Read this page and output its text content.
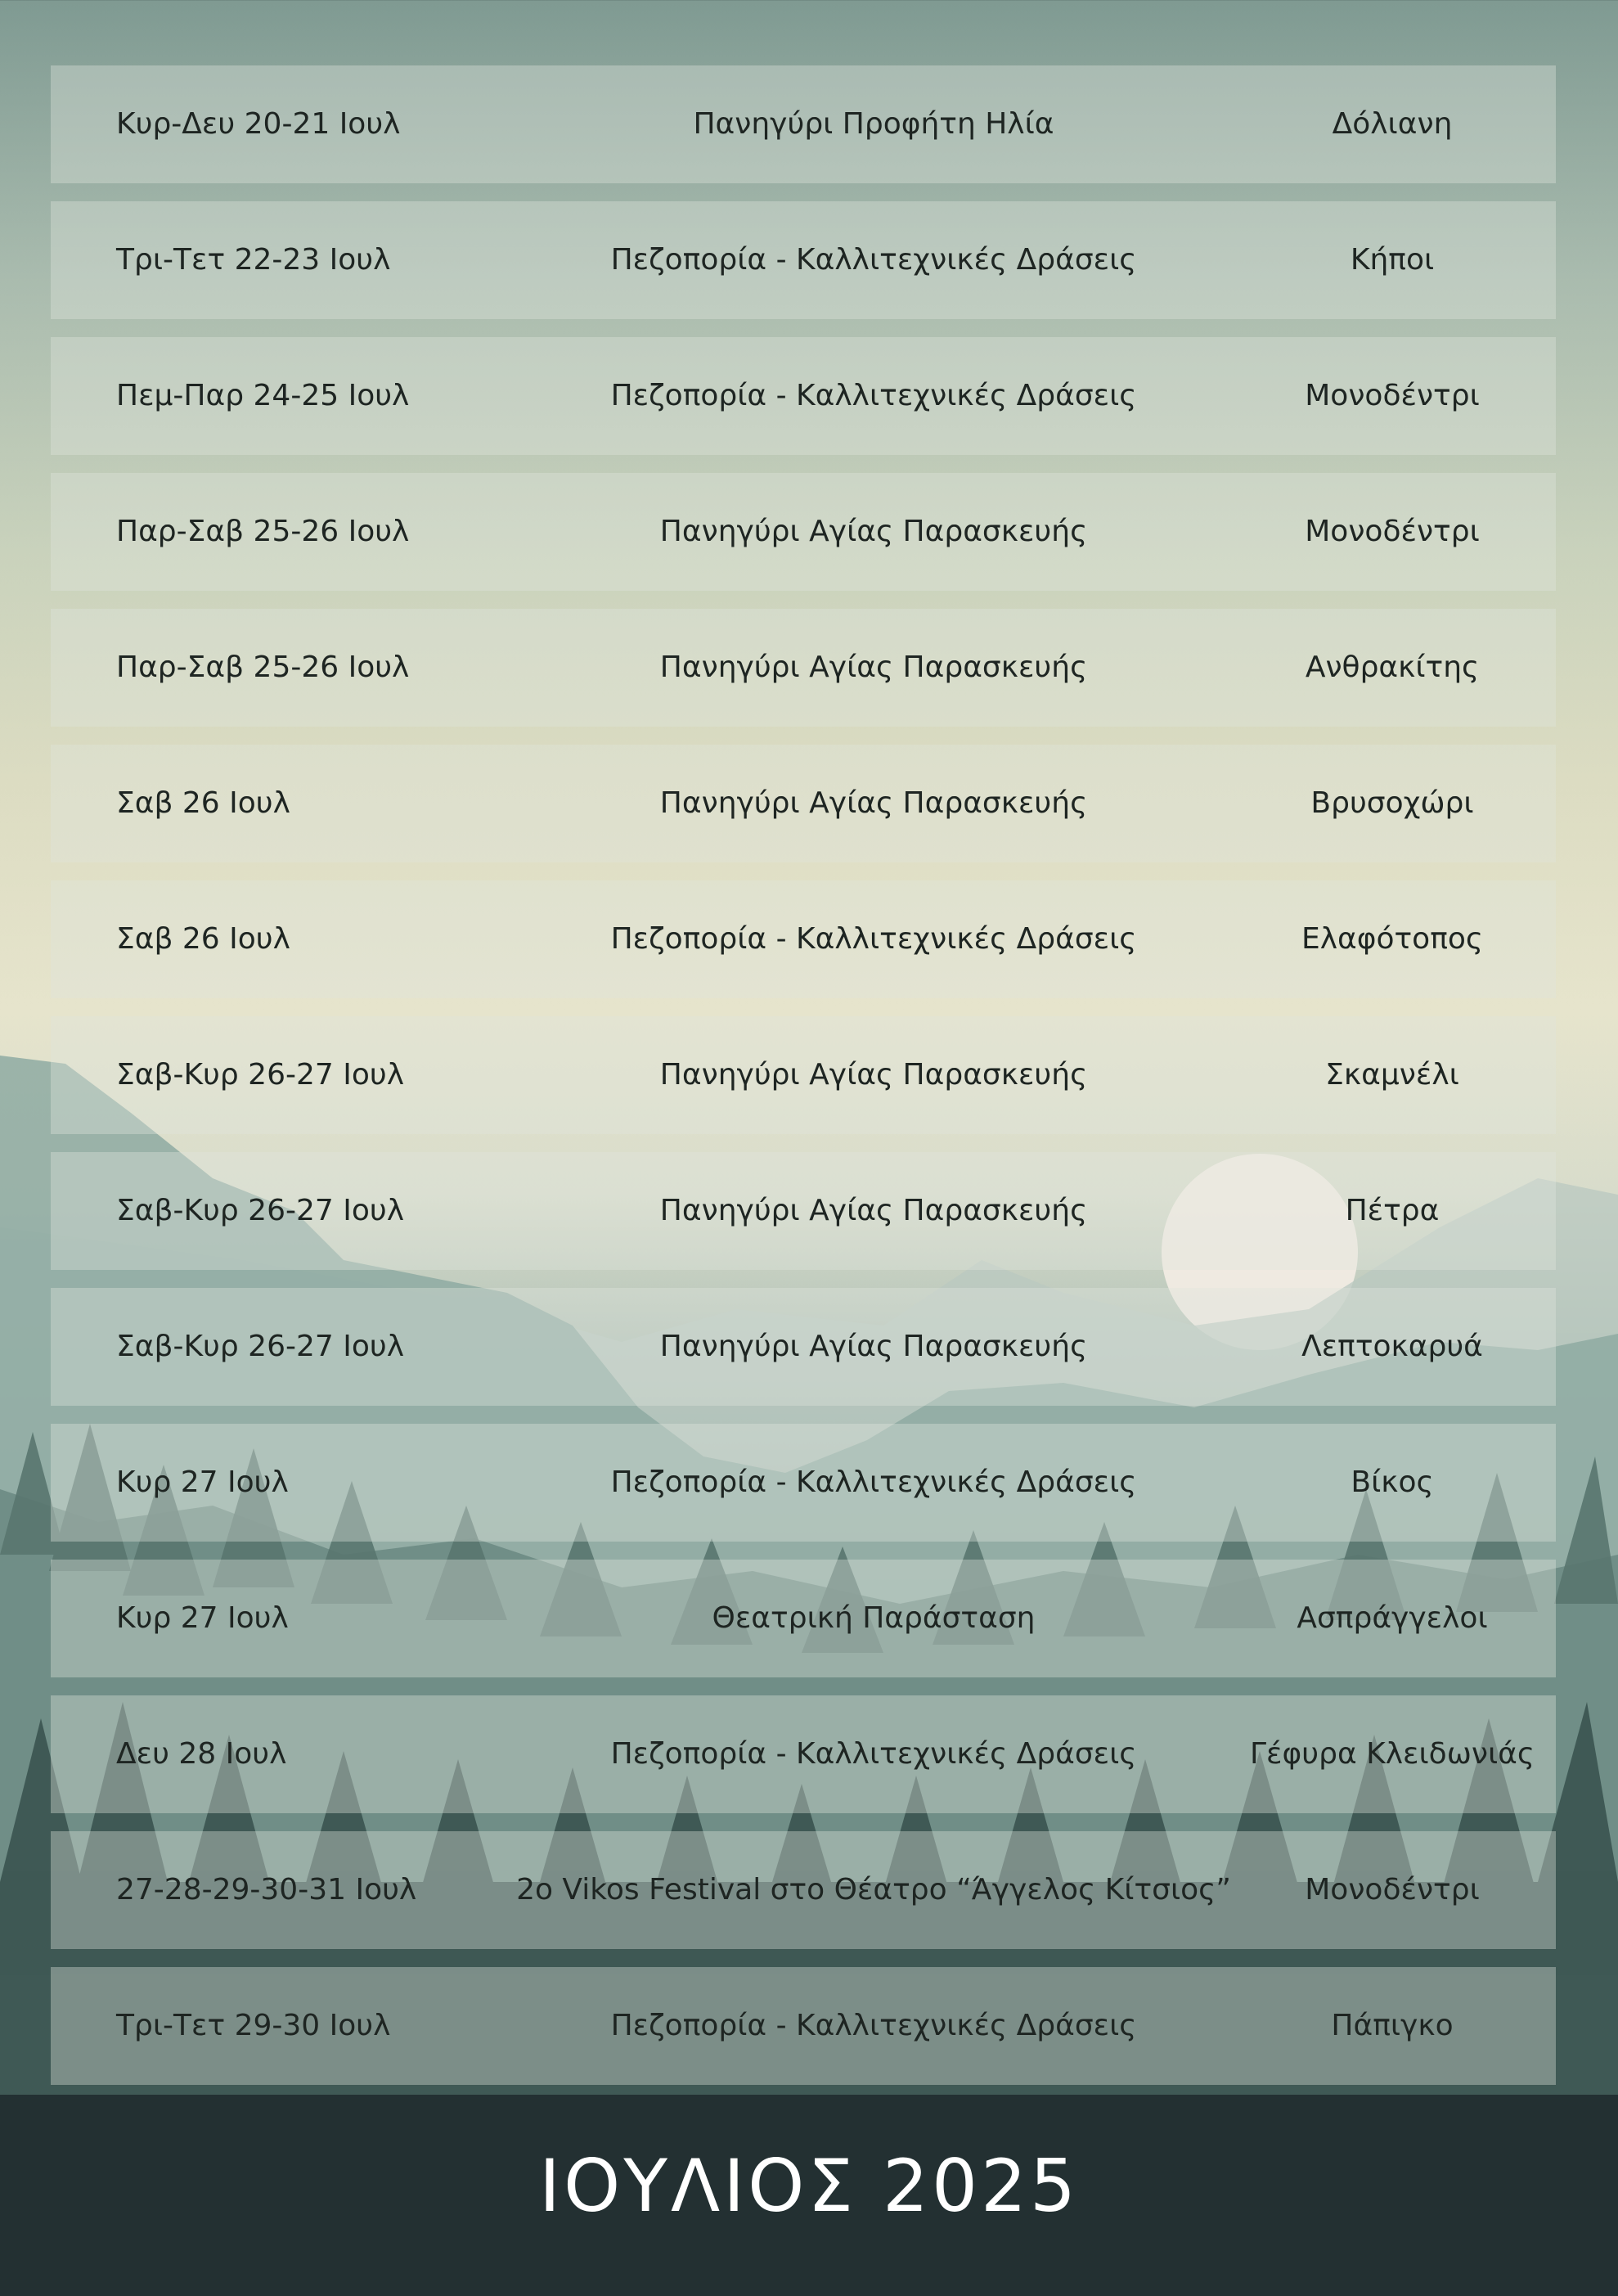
Κυρ-Δευ 20-21 Ιουλ	Πανηγύρι Προφήτη Ηλία	Δόλιανη
Τρι-Τετ 22-23 Ιουλ	Πεζοπορία - Καλλιτεχνικές Δράσεις	Κήποι
Πεμ-Παρ 24-25 Ιουλ	Πεζοπορία - Καλλιτεχνικές Δράσεις	Μονοδέντρι
Παρ-Σαβ 25-26 Ιουλ	Πανηγύρι Αγίας Παρασκευής	Μονοδέντρι
Παρ-Σαβ 25-26 Ιουλ	Πανηγύρι Αγίας Παρασκευής	Ανθρακίτης
Σαβ 26 Ιουλ	Πανηγύρι Αγίας Παρασκευής	Βρυσοχώρι
Σαβ 26 Ιουλ	Πεζοπορία - Καλλιτεχνικές Δράσεις	Ελαφότοπος
Σαβ-Κυρ 26-27 Ιουλ	Πανηγύρι Αγίας Παρασκευής	Σκαμνέλι
Σαβ-Κυρ 26-27 Ιουλ	Πανηγύρι Αγίας Παρασκευής	Πέτρα
Σαβ-Κυρ 26-27 Ιουλ	Πανηγύρι Αγίας Παρασκευής	Λεπτοκαρυά
Κυρ 27 Ιουλ	Πεζοπορία - Καλλιτεχνικές Δράσεις	Βίκος
Κυρ 27 Ιουλ	Θεατρική Παράσταση	Ασπράγγελοι
Δευ 28 Ιουλ	Πεζοπορία - Καλλιτεχνικές Δράσεις	Γέφυρα Κλειδωνιάς
27-28-29-30-31 Ιουλ	2o Vikos Festival στο Θέατρο “Άγγελος Κίτσιος”	Μονοδέντρι
Τρι-Τετ 29-30 Ιουλ	Πεζοπορία - Καλλιτεχνικές Δράσεις	Πάπιγκο
ΙΟΥΛΙΟΣ 2025
